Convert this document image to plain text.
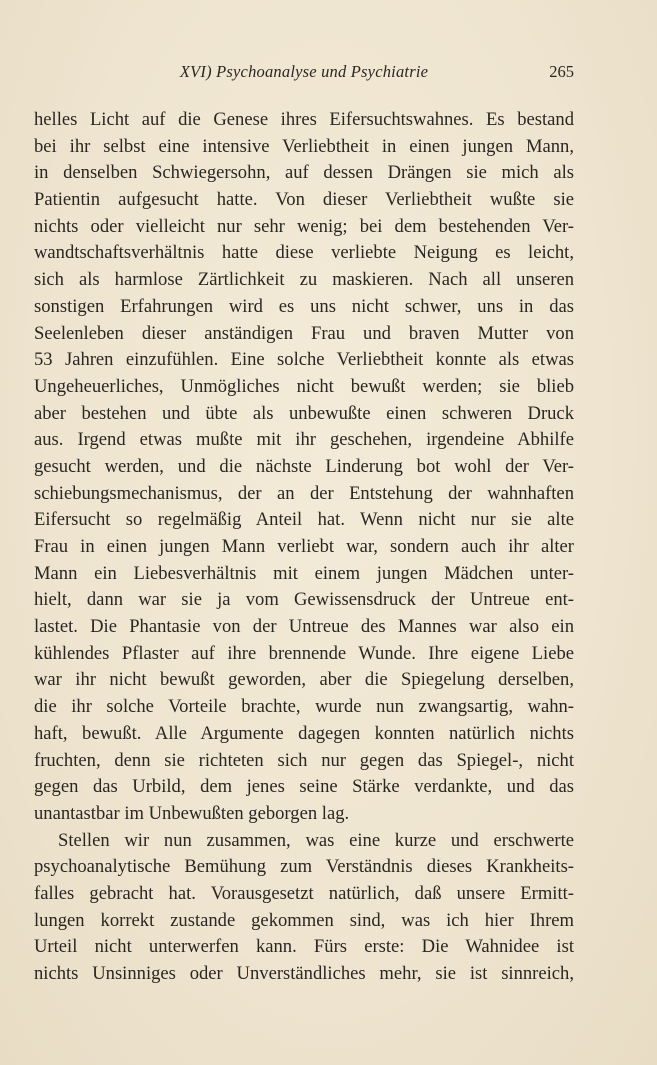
XVI) Psychoanalyse und Psychiatrie	265

helles Licht auf die Genese ihres Eifersuchtswahnes. Es bestand
bei ihr selbst eine intensive Verliebtheit in einen jungen Mann,
in denselben Schwiegersohn, auf dessen Drängen sie mich als
Patientin aufgesucht hatte. Von dieser Verliebtheit wußte sie
nichts oder vielleicht nur sehr wenig; bei dem bestehenden Ver-
wandtschaftsverhältnis hatte diese verliebte Neigung es leicht,
sich als harmlose Zärtlichkeit zu maskieren. Nach all unseren
sonstigen Erfahrungen wird es uns nicht schwer, uns in das
Seelenleben dieser anständigen Frau und braven Mutter von
53 Jahren einzufühlen. Eine solche Verliebtheit konnte als etwas
Ungeheuerliches, Unmögliches nicht bewußt werden; sie blieb
aber bestehen und übte als unbewußte einen schweren Druck
aus. Irgend etwas mußte mit ihr geschehen, irgendeine Abhilfe
gesucht werden, und die nächste Linderung bot wohl der Ver-
schiebungsmechanismus, der an der Entstehung der wahnhaften
Eifersucht so regelmäßig Anteil hat. Wenn nicht nur sie alte
Frau in einen jungen Mann verliebt war, sondern auch ihr alter
Mann ein Liebesverhältnis mit einem jungen Mädchen unter-
hielt, dann war sie ja vom Gewissensdruck der Untreue ent-
lastet. Die Phantasie von der Untreue des Mannes war also ein
kühlendes Pflaster auf ihre brennende Wunde. Ihre eigene Liebe
war ihr nicht bewußt geworden, aber die Spiegelung derselben,
die ihr solche Vorteile brachte, wurde nun zwangsartig, wahn-
haft, bewußt. Alle Argumente dagegen konnten natürlich nichts
fruchten, denn sie richteten sich nur gegen das Spiegel-, nicht
gegen das Urbild, dem jenes seine Stärke verdankte, und das
unantastbar im Unbewußten geborgen lag.

Stellen wir nun zusammen, was eine kurze und erschwerte
psychoanalytische Bemühung zum Verständnis dieses Krankheits-
falles gebracht hat. Vorausgesetzt natürlich, daß unsere Ermitt-
lungen korrekt zustande gekommen sind, was ich hier Ihrem
Urteil nicht unterwerfen kann. Fürs erste: Die Wahnidee ist
nichts Unsinniges oder Unverständliches mehr, sie ist sinnreich,
